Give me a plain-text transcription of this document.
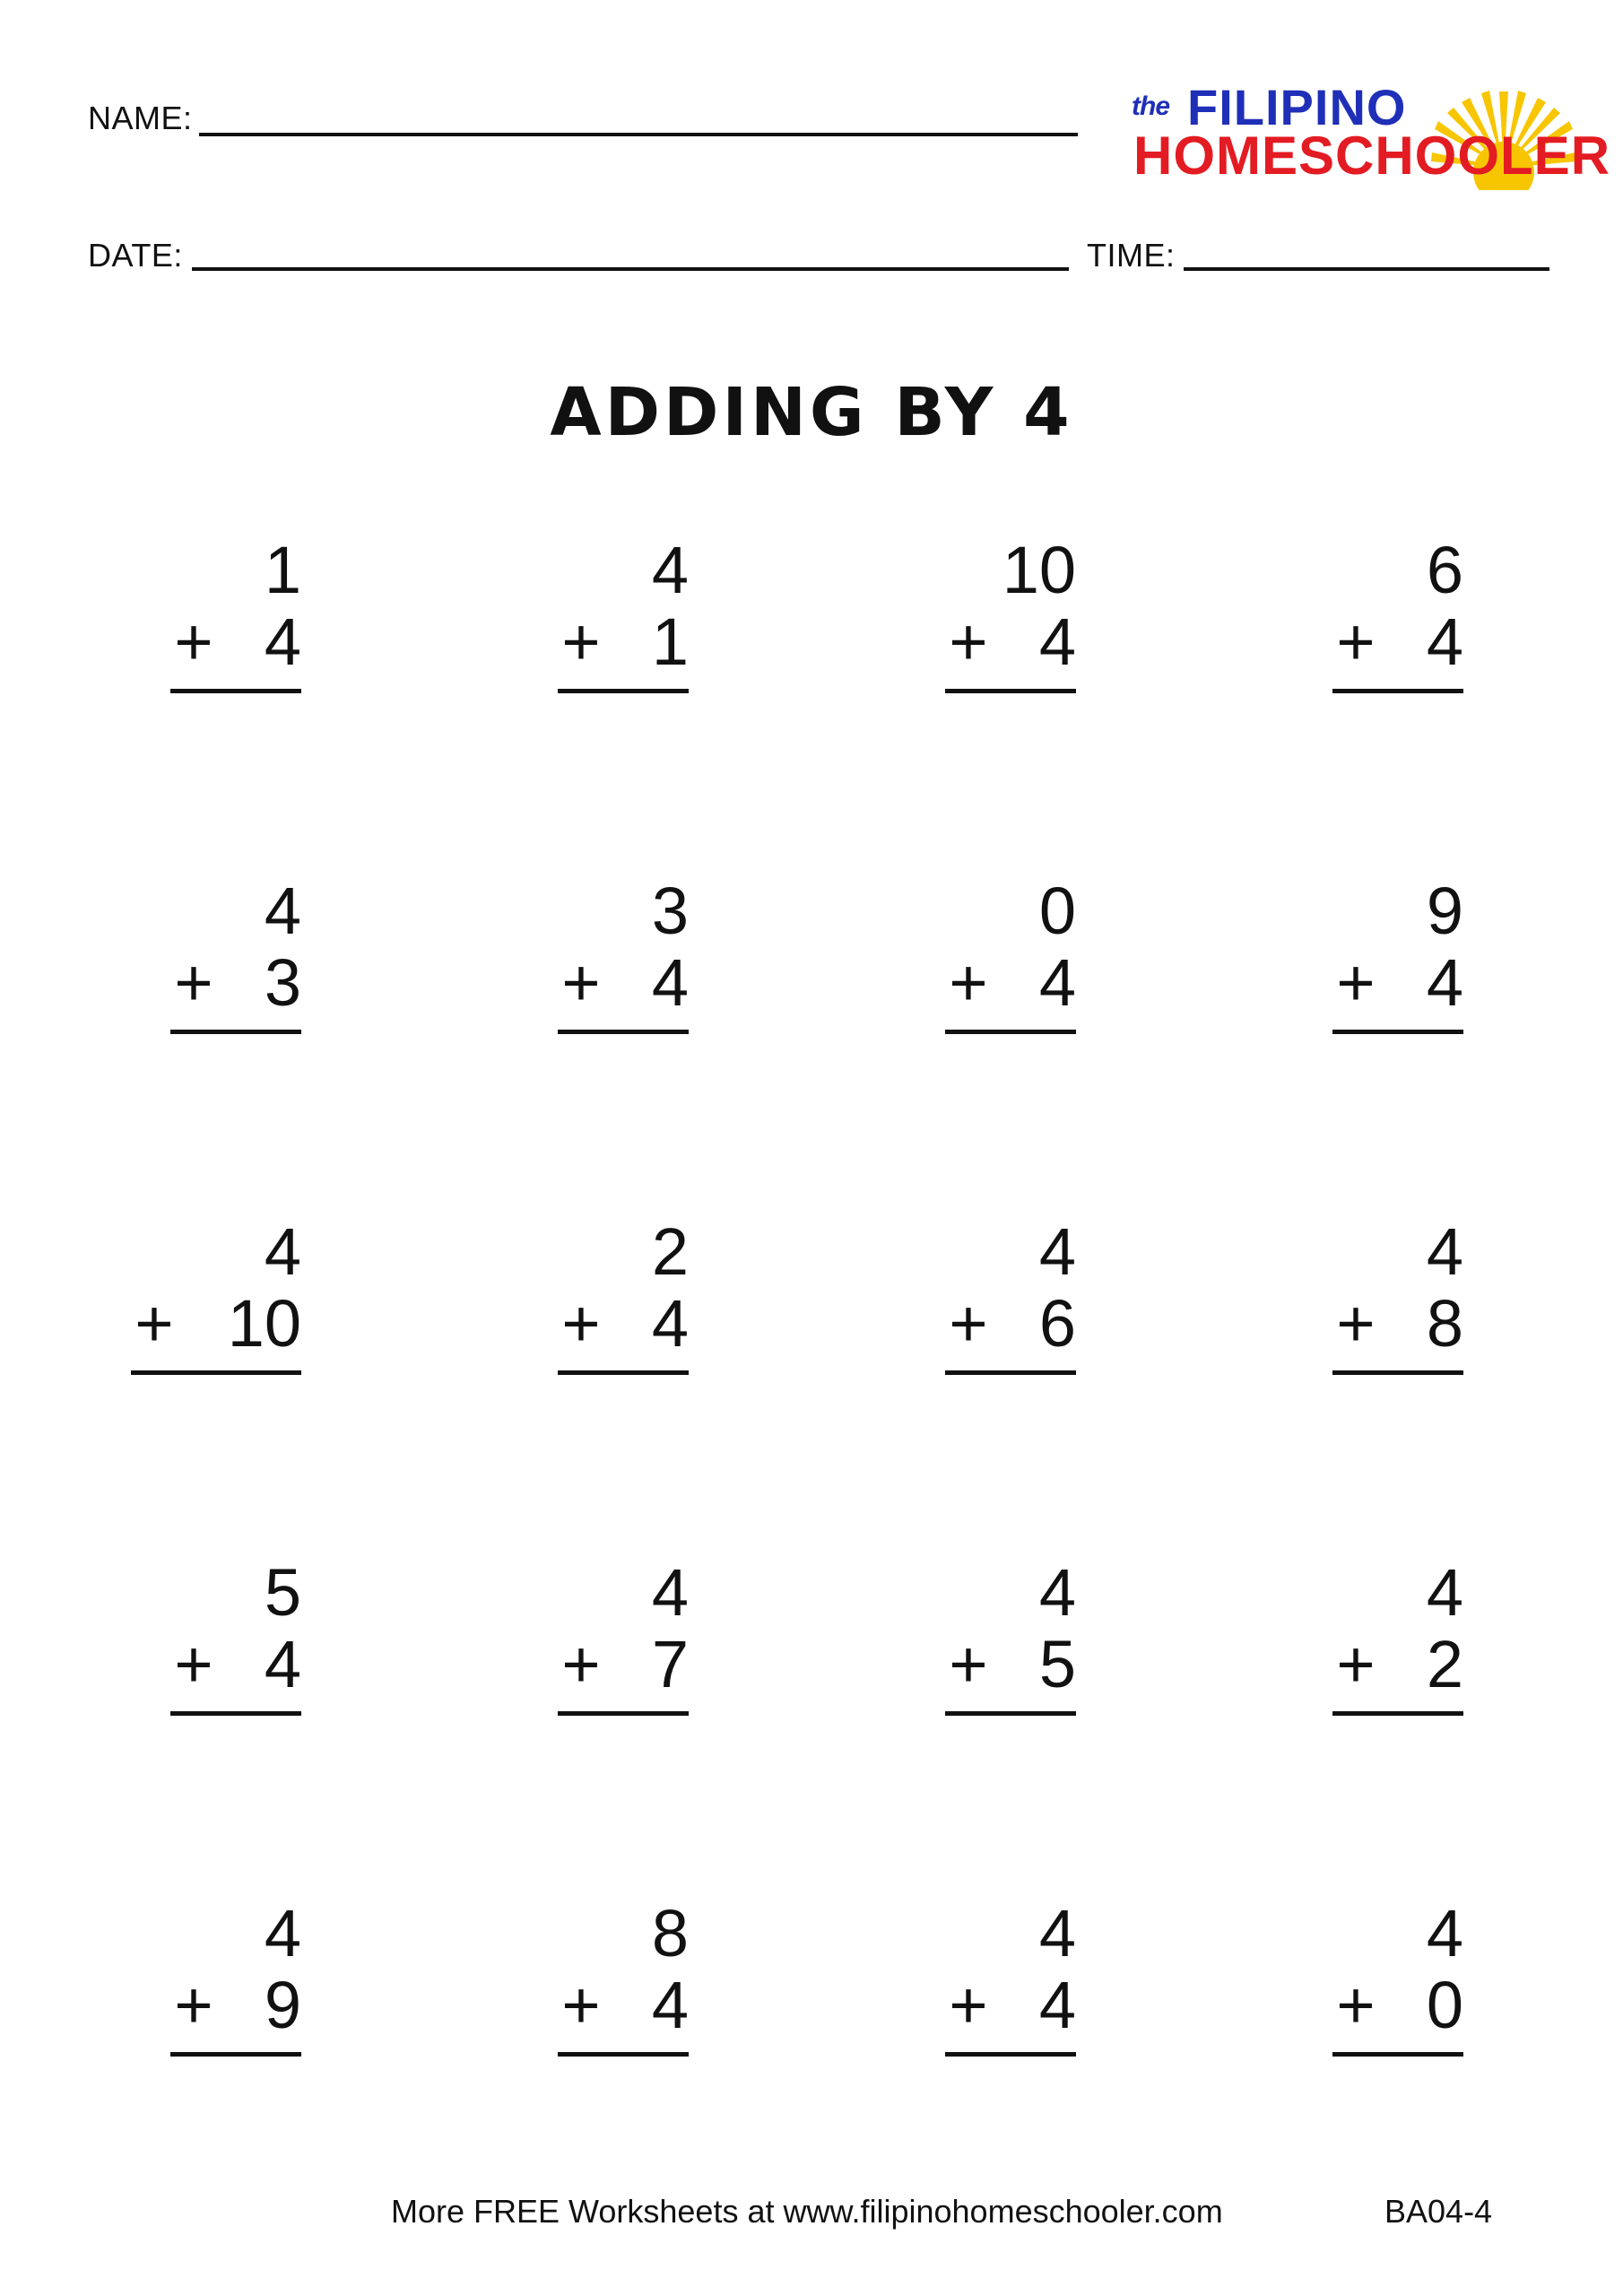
NAME:
DATE:	TIME:
the FILIPINO
HOMESCHOOLER
ADDING BY 4
1
+ 4
4
+ 1
10
+ 4
6
+ 4
4
+ 3
3
+ 4
0
+ 4
9
+ 4
4
+ 10
2
+ 4
4
+ 6
4
+ 8
5
+ 4
4
+ 7
4
+ 5
4
+ 2
4
+ 9
8
+ 4
4
+ 4
4
+ 0
More FREE Worksheets at www.filipinohomeschooler.com	BA04-4
